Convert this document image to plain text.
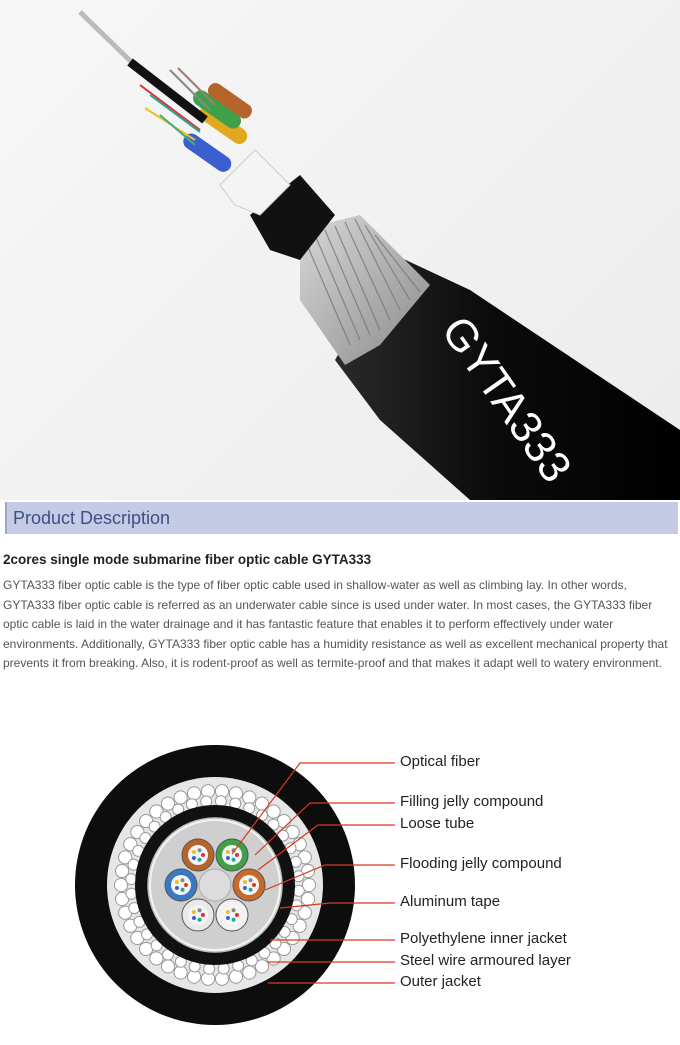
GYTA333
Product Description
2cores single mode submarine fiber optic cable GYTA333

GYTA333 fiber optic cable is the type of fiber optic cable used in shallow-water as well as climbing lay. In other words, GYTA333 fiber optic cable is referred as an underwater cable since is used under water. In most cases, the GYTA333 fiber optic cable is laid in the water drainage and it has fantastic feature that enables it to perform effectively under water environments. Additionally, GYTA333 fiber optic cable has a humidity resistance as well as excellent mechanical property that prevents it from breaking. Also, it is rodent-proof as well as termite-proof and that makes it adapt well to watery environment.

Optical fiber
Filling jelly compound
Loose tube
Flooding jelly compound
Aluminum tape
Polyethylene inner jacket
Steel wire armoured layer
Outer jacket
